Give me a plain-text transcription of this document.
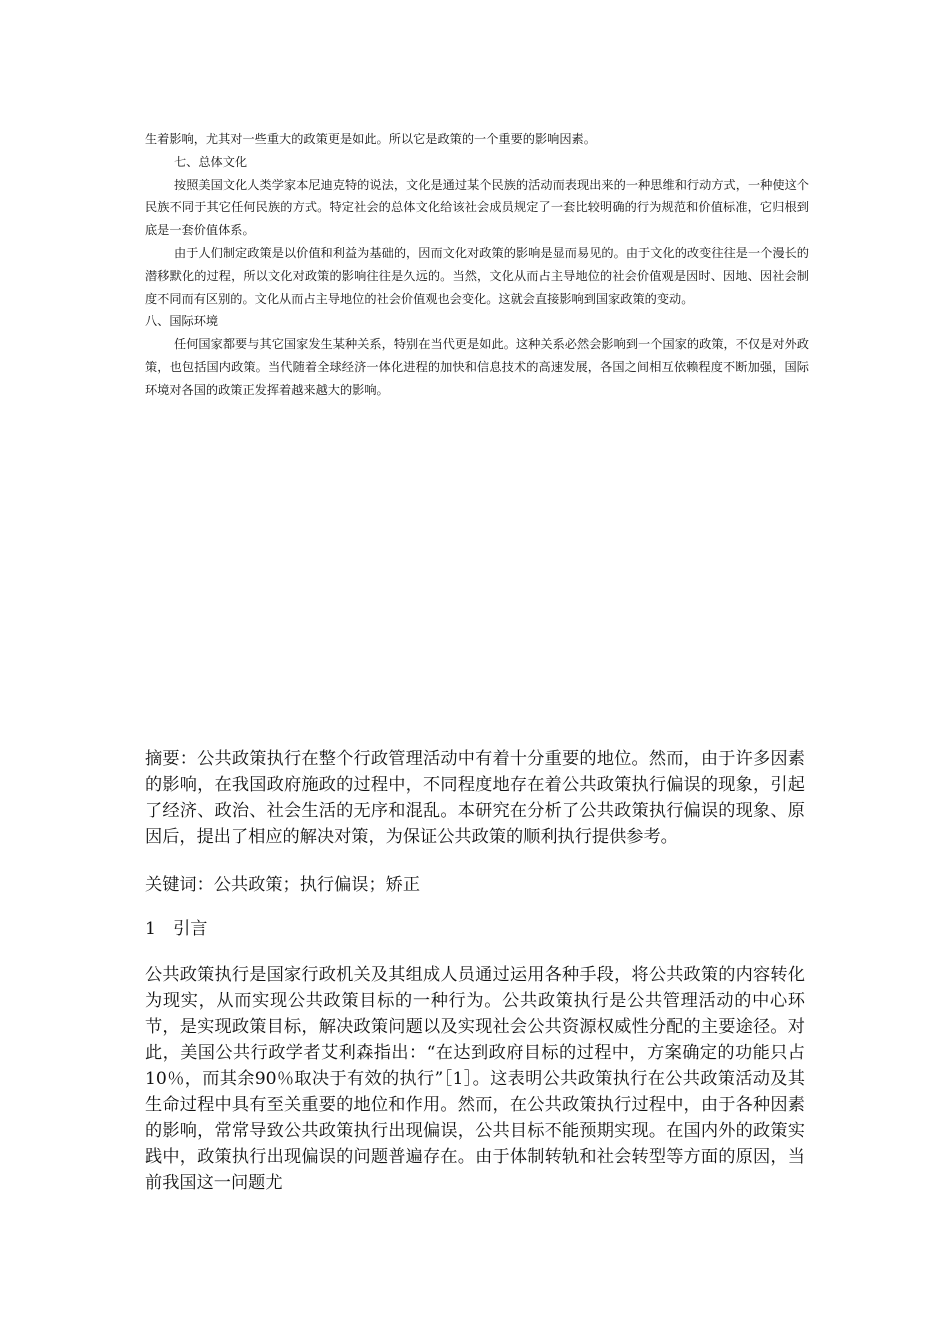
生着影响，尤其对一些重大的政策更是如此。所以它是政策的一个重要的影响因素。

七、总体文化

按照美国文化人类学家本尼迪克特的说法，文化是通过某个民族的活动而表现出来的一种思维和行动方式，一种使这个民族不同于其它任何民族的方式。特定社会的总体文化给该社会成员规定了一套比较明确的行为规范和价值标准，它归根到底是一套价值体系。

由于人们制定政策是以价值和利益为基础的，因而文化对政策的影响是显而易见的。由于文化的改变往往是一个漫长的潜移默化的过程，所以文化对政策的影响往往是久远的。当然，文化从而占主导地位的社会价值观是因时、因地、因社会制度不同而有区别的。文化从而占主导地位的社会价值观也会变化。这就会直接影响到国家政策的变动。

八、国际环境

任何国家都要与其它国家发生某种关系，特别在当代更是如此。这种关系必然会影响到一个国家的政策，不仅是对外政策，也包括国内政策。当代随着全球经济一体化进程的加快和信息技术的高速发展，各国之间相互依赖程度不断加强，国际环境对各国的政策正发挥着越来越大的影响。

摘要：公共政策执行在整个行政管理活动中有着十分重要的地位。然而，由于许多因素的影响，在我国政府施政的过程中，不同程度地存在着公共政策执行偏误的现象，引起了经济、政治、社会生活的无序和混乱。本研究在分析了公共政策执行偏误的现象、原因后，提出了相应的解决对策，为保证公共政策的顺利执行提供参考。

关键词：公共政策；执行偏误；矫正

1　引言

公共政策执行是国家行政机关及其组成人员通过运用各种手段，将公共政策的内容转化为现实，从而实现公共政策目标的一种行为。公共政策执行是公共管理活动的中心环节，是实现政策目标，解决政策问题以及实现社会公共资源权威性分配的主要途径。对此，美国公共行政学者艾利森指出：“在达到政府目标的过程中，方案确定的功能只占10％，而其余90％取决于有效的执行”［1］。这表明公共政策执行在公共政策活动及其生命过程中具有至关重要的地位和作用。然而，在公共政策执行过程中，由于各种因素的影响，常常导致公共政策执行出现偏误，公共目标不能预期实现。在国内外的政策实践中，政策执行出现偏误的问题普遍存在。由于体制转轨和社会转型等方面的原因，当前我国这一问题尤
